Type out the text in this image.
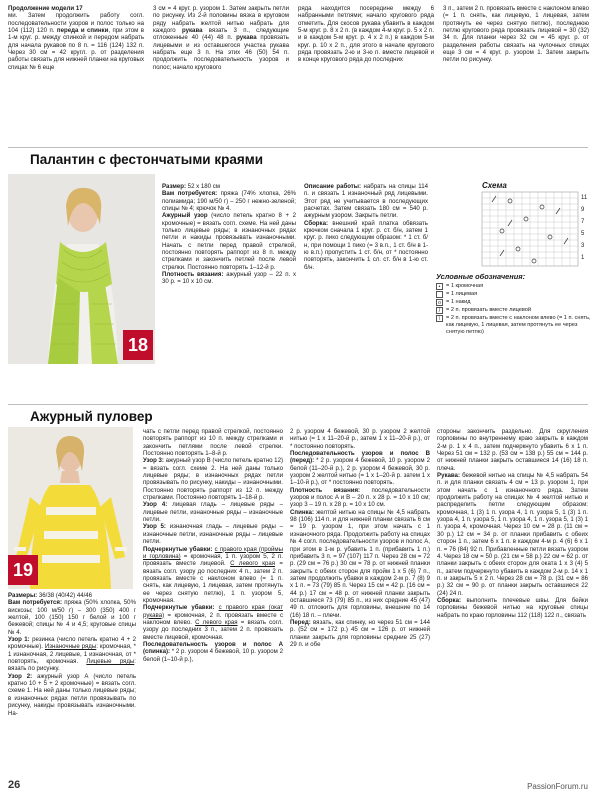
Продолжение модели 17
ми. Затем продолжить работу согл. последовательности узоров и полос только на 104 (112) 120 п. переда и спинки, при этом в 1-м круг. р. между спинкой и передом набрать для начала рукавов по 8 п. = 116 (124) 132 п. Через 30 см = 42 кругл. р. от разделения работы связать для нижней планки на круговых спицах № 6 еще

3 см = 4 круг. р. узором 1. Затем закрыть петли по рисунку. Из 2-й половины вязка в круговом ряду набрать желтой нитью набрать для каждого рукава вязать 3 п., следующие отложенные 40 (44) 48 п. рукава провязать лицевыми и из оставшегося участка рукава набрать еще 3 п. На этих 46 (50) 54 п. продолжить последовательность узоров и полос; начало кругового

ряда находится посередине между 6 набранными петлями; начало кругового ряда отметить. Для скосов рукава убавить в каждом 5-м круг. р. 8 х 2 п. (в каждом 4-м круг. р. 5 х 2 п. и в каждом 5-м круг. р. 4 х 2 п.) в каждом 5-м круг. р. 10 х 2 п., для этого в начале кругового ряда провязать 2-ю и 3-ю п. вместе лицевой и в конце кругового ряда до последних

3 п., затем 2 п. провязать вместе с наклоном влево (= 1 п. снять, как лицевую, 1 лицевая, затем протянуть ее через снятую петлю), последнюю петлю кругового ряда провязать лицевой = 30 (32) 34 п. Для планки через 32 см = 45 круг. р. от разделения работы связать на чулочных спицах еще 3 см = 4 круг. р. узором 1. Затем закрыть петли по рисунку.

Палантин с фестончатыми краями
18

Размер: 52 х 180 см
Вам потребуется: пряжа (74% хлопка, 26% полиамида; 190 м/50 г) – 250 г нежно-зеленой; спицы № 4; крючок № 4.
Ажурный узор (число петель кратно 8 + 2 кромочные) = вязать согл. схеме. На ней даны только лицевые ряды; в изнаночных рядах петли и накиды провязывать изнаночными. Начать с петли перед правой стрелкой, постоянно повторять раппорт из 8 п. между стрелками и закончить петлей после левой стрелки. Постоянно повторять 1–12-й р.
Плотность вязания: ажурный узор – 22 п. х 30 р. = 10 х 10 см.

Описание работы: набрать на спицы 114 п. и связать 1 изнаночный ряд лицевыми. Этот ряд не учитывается в последующих расчетах. Затем связать 180 см = 540 р. ажурным узором. Закрыть петли.
Сборка: внешний край платка обвязать крючком сначала 1 круг. р. ст. б/н, затем 1 круг. р. пико следующим образом: * 1 ст. б/н, при помощи 1 пико (= 3 в.п., 1 ст. б/н в 1-ю в.п.) пропустить 1 ст. б/н, от * постоянно повторять, закончить 1 сл. ст. б/н в 1-ю ст. б/н.

Схема
11
9
7
5
3
1
Условные обозначения:
•	= 1 кромочная
= 1 лицевая
o = 1 накид
/	= 2 п. провязать вместе лицевой
\	= 2 п. провязать вместе с наклоном влево (= 1 п. снять, как лицевую, 1 лицевая, затем протянуть ее через снятую петлю)
Ажурный пуловер
19

Размеры: 36/38 (40/42) 44/46
Вам потребуется: пряжа (50% хлопка, 50% вискозы; 100 м/50 г) – 300 (350) 400 г желтой, 100 (150) 150 г белой и 100 г бежевой; спицы № 4 и 4,5; круговые спицы № 4.
Узор 1: резинка (число петель кратно 4 + 2 кромочные). Изнаночные ряды: кромочная, * 1 изнаночная, 2 лицевые, 1 изнаночная, от * повторять, кромочная. Лицевые ряды: вязать по рисунку.
Узор 2: ажурный узор А (число петель кратно 10 + 5 + 2 кромочные) = вязать согл. схеме 1. На ней даны только лицевые ряды; в изнаночных рядах петли провязывать по рисунку, накиды провязывать изнаночными. На-

чать с петли перед правой стрелкой, постоянно повторять раппорт из 10 п. между стрелками и закончить петлями после левой стрелки. Постоянно повторять 1–8-й р.
Узор 3: ажурный узор В (число петель кратно 12) = вязать согл. схеме 2. На ней даны только лицевые ряды; в изнаночных рядах петли провязывать по рисунку, накиды – изнаночными. Постоянно повторять раппорт из 12 п. между стрелками. Постоянно повторять 1–18-й р.
Узор 4: лицевая гладь – лицевые ряды – лицевые петли, изнаночные ряды – изнаночные петли.
Узор 5: изнаночная гладь – лицевые ряды – изнаночные петли, изнаночные ряды – лицевые петли.
Подчеркнутые убавки: с правого края (проймы и горловина) = кромочная, 1 п. узором 5, 2 п. провязать вместе лицевой. С левого края = вязать согл. узору до последних 4 п., затем 2 п. провязать вместе с наклоном влево (= 1 п. снять, как лицевую, 1 лицевая, затем протянуть ее через снятую петлю), 1 п. узором 5, кромочная.
Подчеркнутые убавки: с правого края (окат рукава) = кромочная, 2 п. провязать вместе с наклоном влево. С левого края = вязать согл. узору до последних 3 п., затем 2 п. провязать вместе лицевой, кромочная.
Последовательность узоров и полос А (спинка): * 2 р. узором 4 бежевой, 10 р. узором 2 белой (1–10-й р.),

2 р. узором 4 бежевой, 30 р. узором 2 желтой нитью (= 1 х 11–20-й р., затем 1 х 11–20-й р.), от * постоянно повторять.
Последовательность узоров и полос В (перед): * 2 р. узором 4 бежевой, 10 р. узором 2 белой (11–20-й р.), 2 р. узором 4 бежевой, 30 р. узором 2 желтой нитью (= 1 х 1–20-й р. затем 1 х 1–10-й р.), от * постоянно повторять.
Плотность вязания: последовательности узоров и полос А и В – 20 п. х 28 р. = 10 х 10 см; узор 3 – 19 п. х 28 р. = 10 х 10 см.
Спинка: желтой нитью на спицы № 4,5 набрать 98 (106) 114 п. и для нижней планки связать 6 см = 19 р. узором 1, при этом начать с 1 изнаночного ряда. Продолжить работу на спицах № 4 согл. последовательности узоров и полос А, при этом в 1-м р. убавить 1 п. (прибавить 1 п.) прибавить 3 п. = 97 (107) 117 п. Через 28 см = 72 р. (29 см = 76 р.) 30 см = 78 р. от нижней планки закрыть с обеих сторон для пройм 1 х 5 (6) 7 п., затем продолжить убавки в каждом 2-м р. 7 (8) 9 х 1 п. = 73 (79) 85 п. Через 15 см = 42 р. (16 см = 44 р.) 17 см = 48 р. от нижней планки закрыть оставшиеся 73 (79) 85 п., из них средние 45 (47) 49 п. отложить для горловины, внешние по 14 (16) 18 п. – плечи.
Перед: вязать, как спинку, но через 51 см = 144 р. (52 см = 172 р.) 45 см = 126 р. от нижней планки закрыть для горловины средние 25 (27) 29 п. и обе

стороны закончить раздельно. Для скругления горловины по внутреннему краю закрыть в каждом 2-м р. 1 х 4 п., затем подчеркнуто убавить 6 х 1 п. Через 51 см = 132 р. (53 см = 138 р.) 55 см = 144 р. от нижней планки закрыть оставшиеся 14 (16) 18 п. плеча.
Рукава: бежевой нитью на спицы № 4,5 набрать 54 п. и для планки связать 4 см = 13 р. узором 1, при этом начать с 1 изнаночного ряда. Затем продолжить работу на спицах № 4 желтой нитью и распределить петли следующим образом: кромочная, 1 (3) 1 п. узора 4, 1 п. узора 5, 1 (3) 1 п. узора 4, 1 п. узора 5, 1 п. узора 4, 1 п. узора 5, 1 (3) 1 п. узора 4, кромочная. Через 10 см = 28 р. (11 см = 30 р.) 12 см = 34 р. от планки прибавить с обеих сторон 1 п., затем 6 х 1 п. в каждом 4-м р. 4 (6) 6 х 1 п. = 76 (84) 92 п. Прибавленные петли вязать узором 4. Через 18 см = 50 р. (21 см = 58 р.) 22 см = 62 р. от планки закрыть с обеих сторон для оката 1 х 3 (4) 5 п., затем подчеркнуто убавить в каждом 2-м р. 14 х 1 п. и закрыть 5 х 2 п. Через 28 см = 78 р. (31 см = 86 р.) 32 см = 90 р. от планки закрыть оставшиеся 22 (24) 24 п.
Сборка: выполнить плечевые швы. Для бейки горловины бежевой нитью на круговые спицы набрать по краю горловины 112 (118) 122 п., связать

26	PassionForum.ru
